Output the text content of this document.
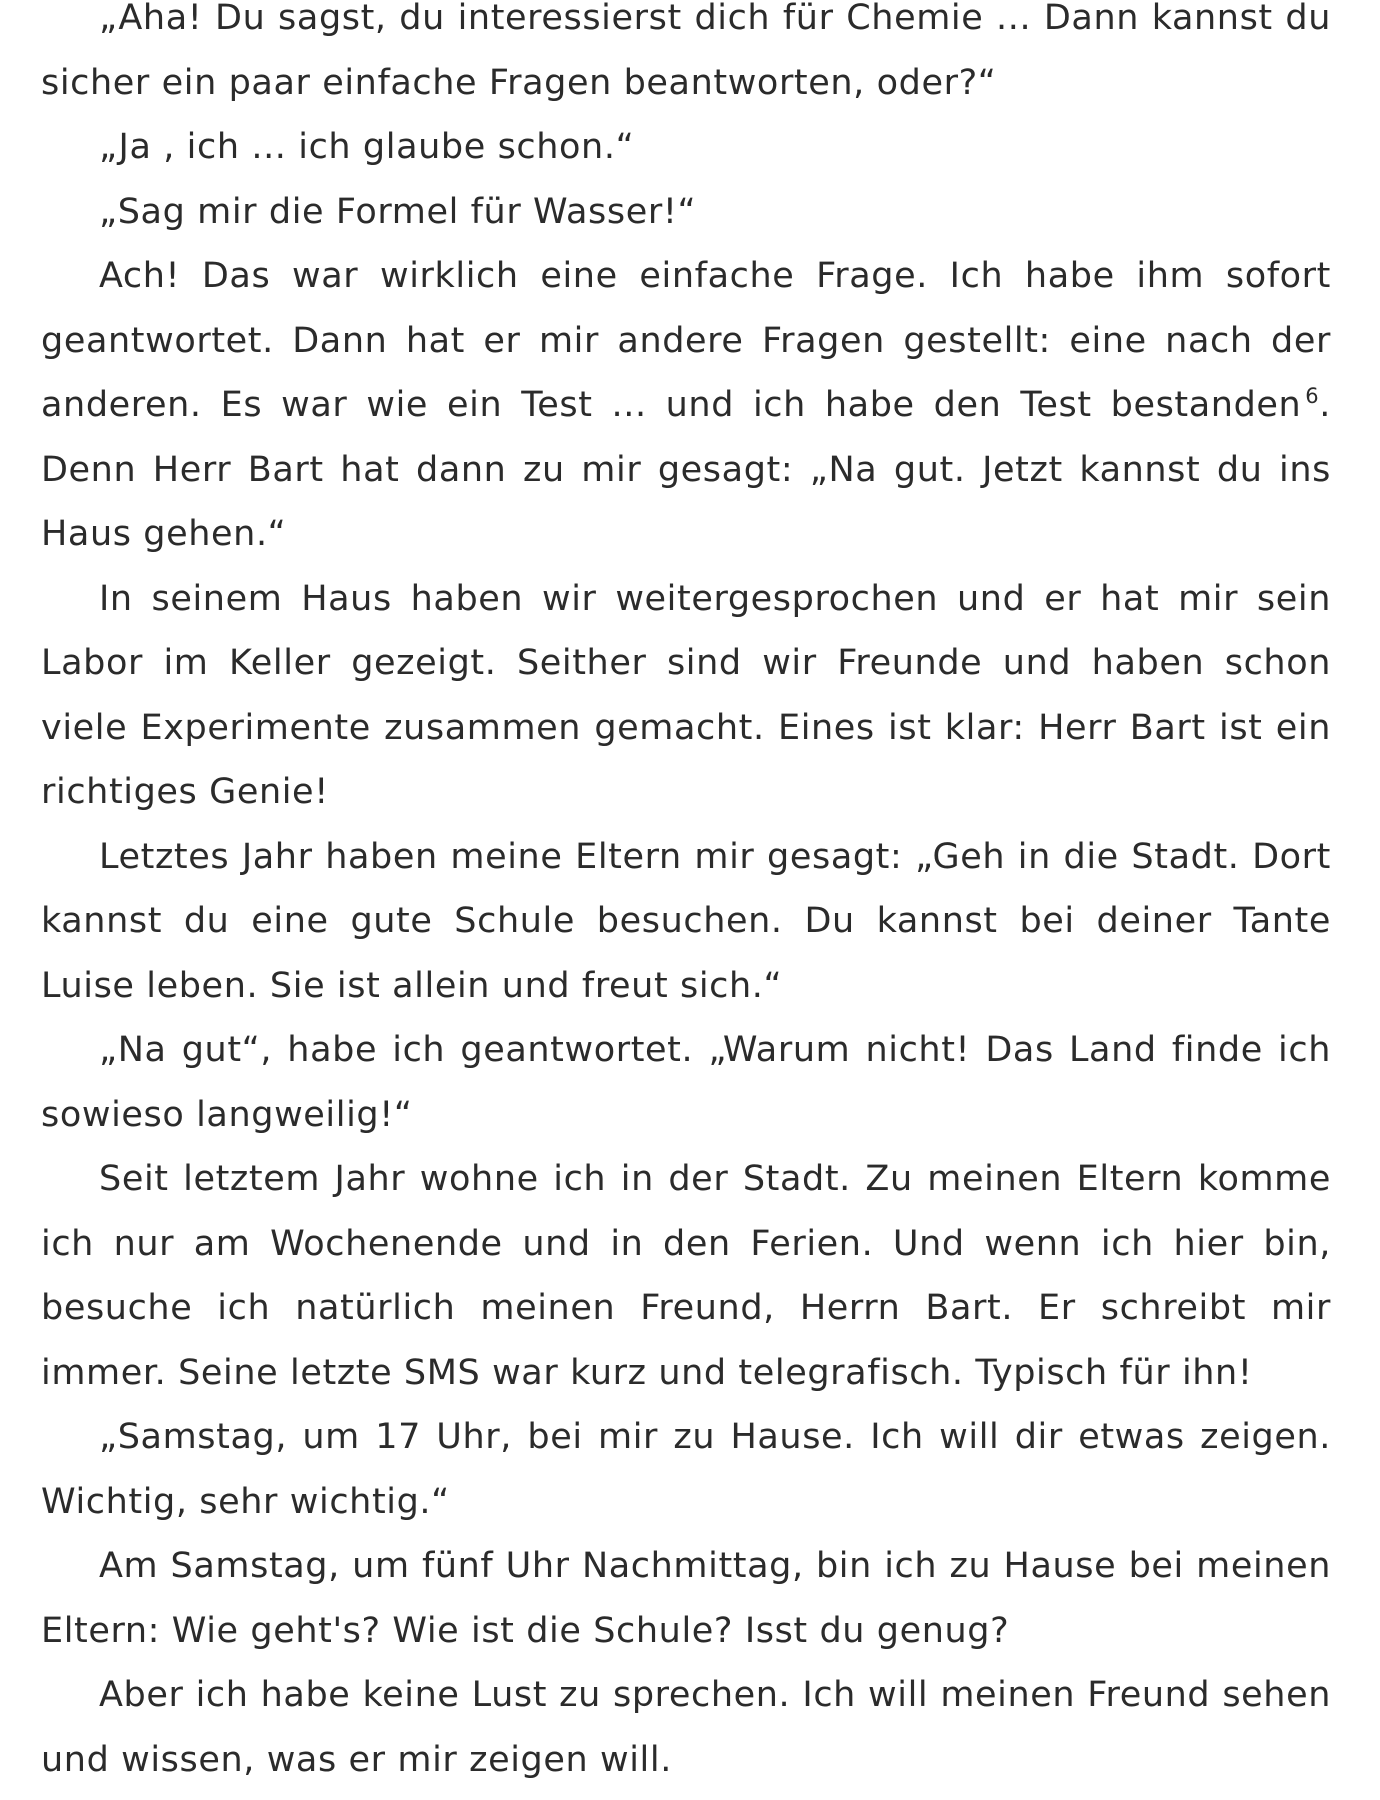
„Aha! Du sagst, du interessierst dich für Chemie ... Dann kannst du sicher ein paar einfache Fragen beantworten, oder?“

„Ja , ich ... ich glaube schon.“

„Sag mir die Formel für Wasser!“

Ach! Das war wirklich eine einfache Frage. Ich habe ihm sofort geantwortet. Dann hat er mir andere Fragen gestellt: eine nach der anderen. Es war wie ein Test ... und ich habe den Test bestanden $^6$. Denn Herr Bart hat dann zu mir gesagt: „Na gut. Jetzt kannst du ins Haus gehen.“

In seinem Haus haben wir weitergesprochen und er hat mir sein Labor im Keller gezeigt. Seither sind wir Freunde und haben schon viele Experimente zusammen gemacht. Eines ist klar: Herr Bart ist ein richtiges Genie!

Letztes Jahr haben meine Eltern mir gesagt: „Geh in die Stadt. Dort kannst du eine gute Schule besuchen. Du kannst bei deiner Tante Luise leben. Sie ist allein und freut sich.“

„Na gut“, habe ich geantwortet. „Warum nicht! Das Land finde ich sowieso langweilig!“

Seit letztem Jahr wohne ich in der Stadt. Zu meinen Eltern komme ich nur am Wochenende und in den Ferien. Und wenn ich hier bin, besuche ich natürlich meinen Freund, Herrn Bart. Er schreibt mir immer. Seine letzte SMS war kurz und telegrafisch. Typisch für ihn!

„Samstag, um 17 Uhr, bei mir zu Hause. Ich will dir etwas zeigen. Wichtig, sehr wichtig.“

Am Samstag, um fünf Uhr Nachmittag, bin ich zu Hause bei meinen Eltern: Wie geht's? Wie ist die Schule? Isst du genug?

Aber ich habe keine Lust zu sprechen. Ich will meinen Freund sehen und wissen, was er mir zeigen will.
